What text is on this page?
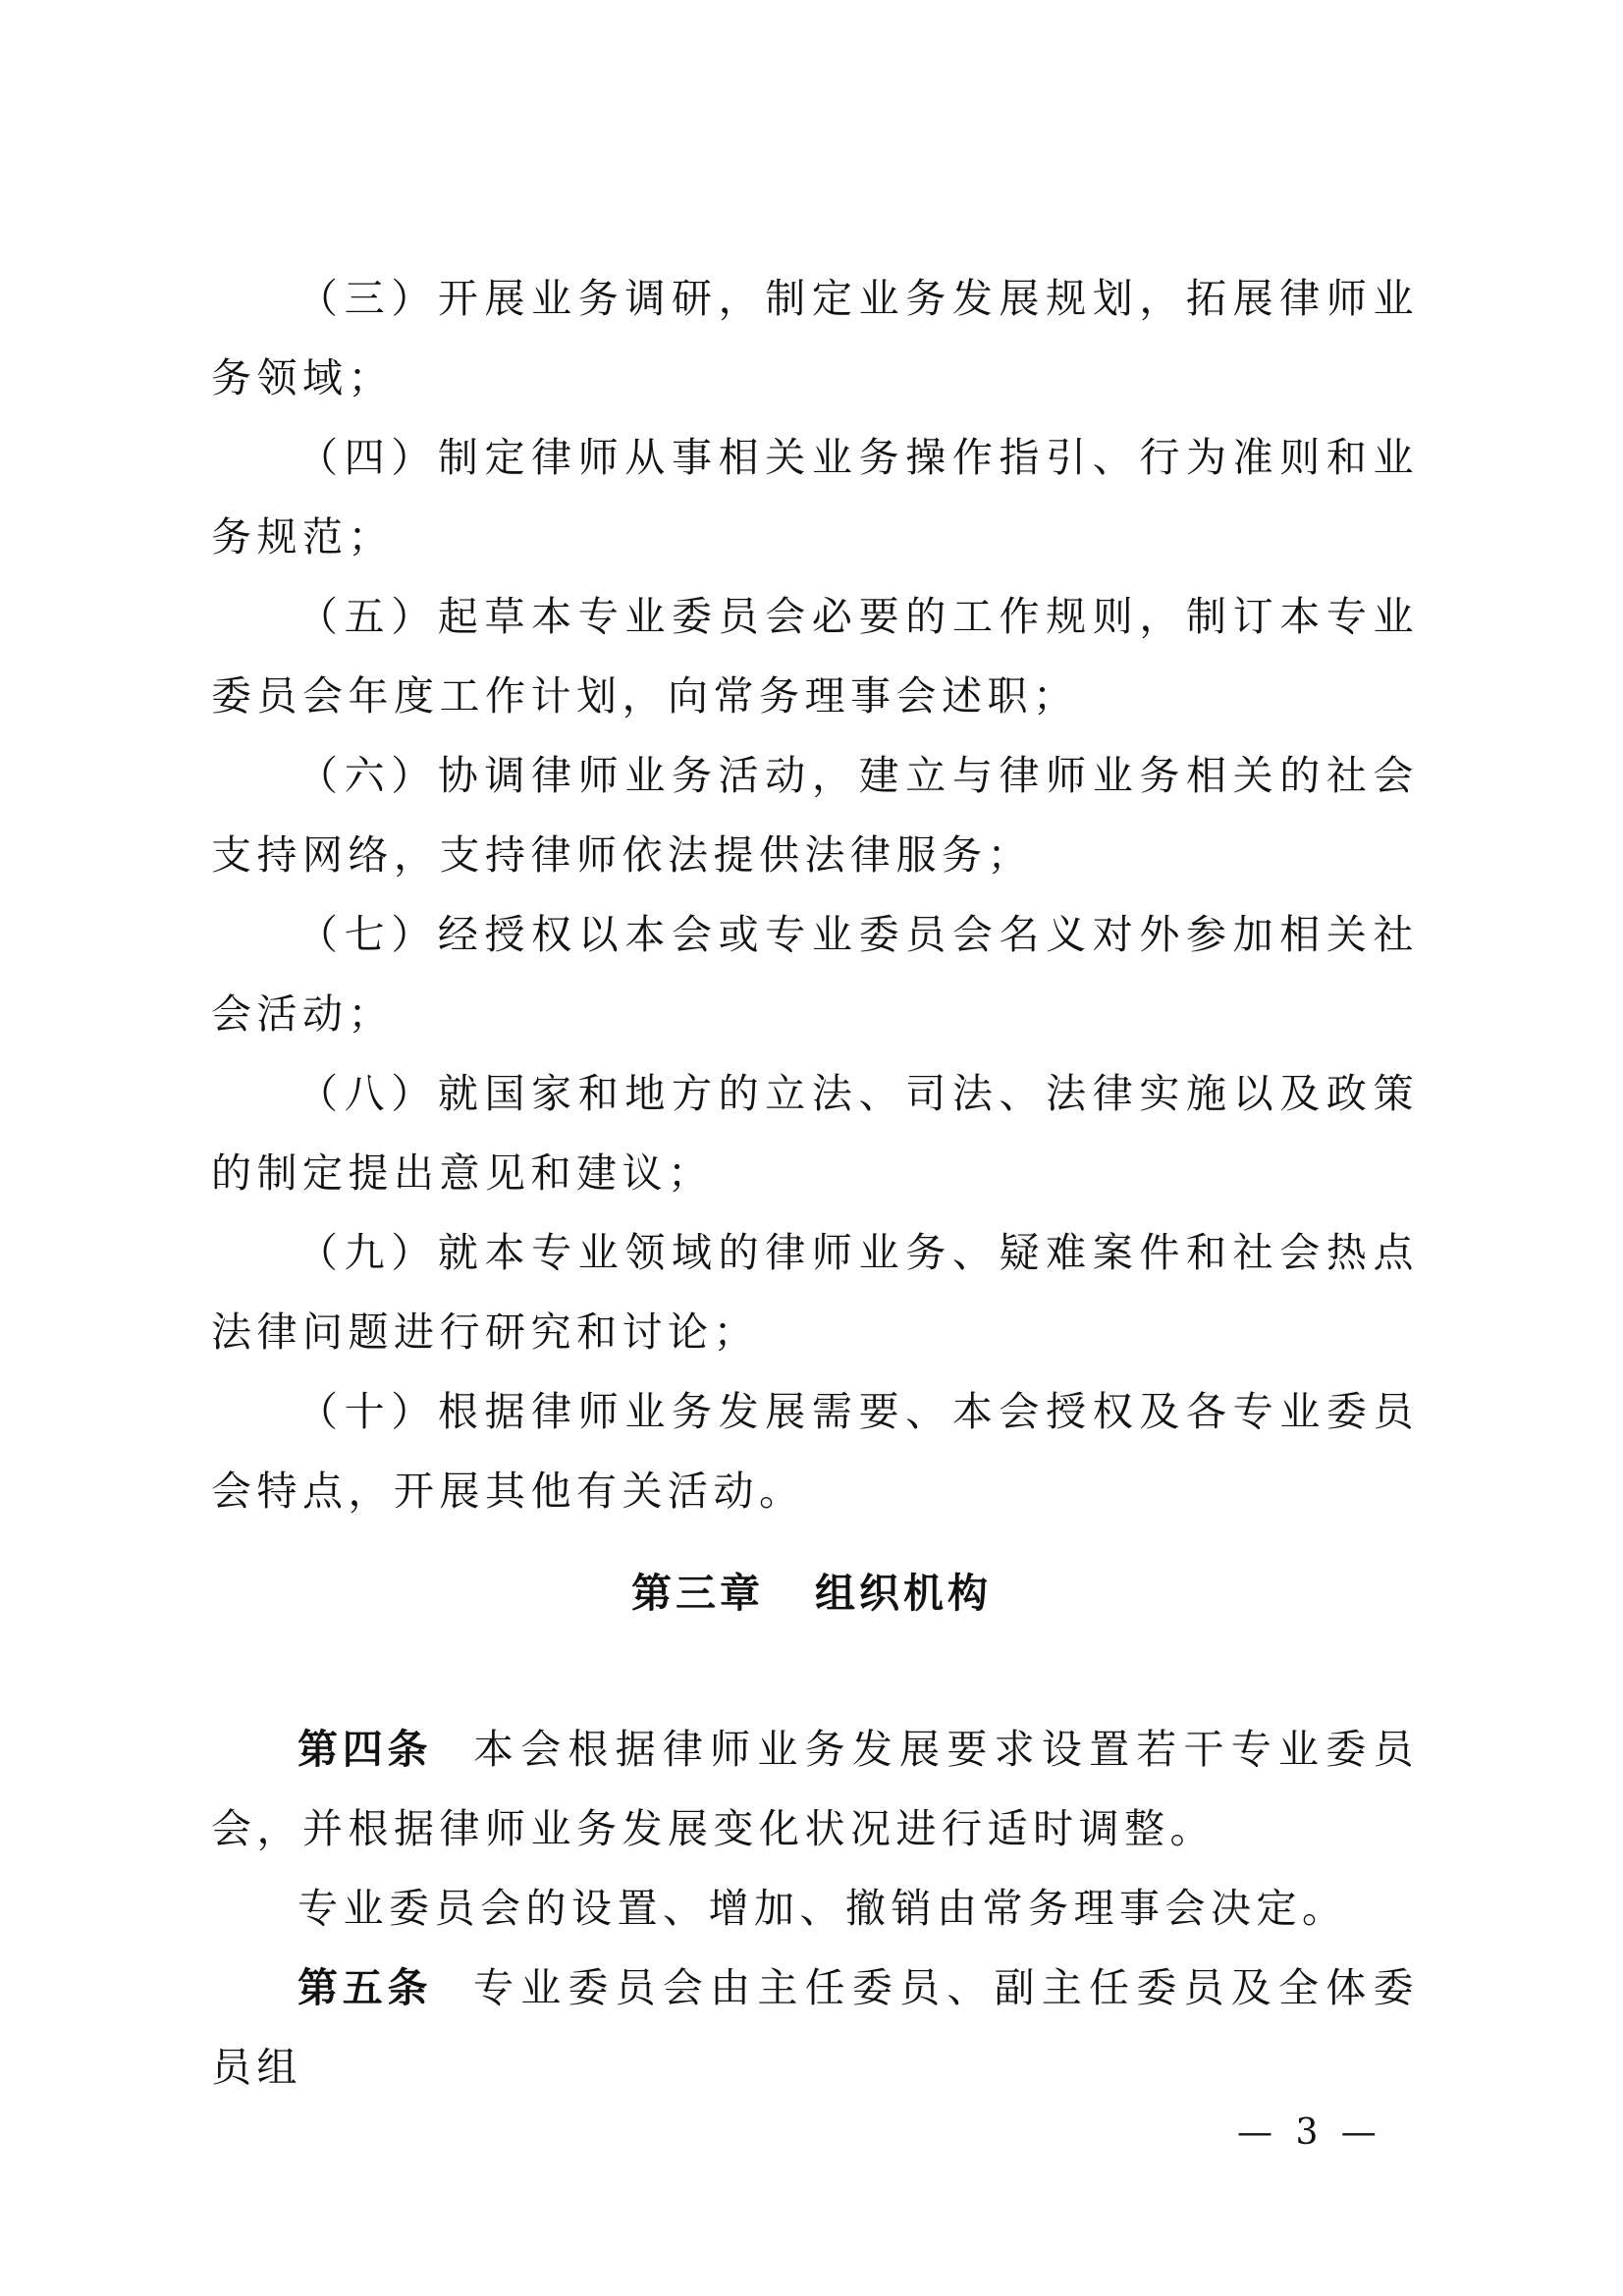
（三）开展业务调研，制定业务发展规划，拓展律师业务领域；

（四）制定律师从事相关业务操作指引、行为准则和业务规范；

（五）起草本专业委员会必要的工作规则，制订本专业委员会年度工作计划，向常务理事会述职；

（六）协调律师业务活动，建立与律师业务相关的社会支持网络，支持律师依法提供法律服务；

（七）经授权以本会或专业委员会名义对外参加相关社会活动；

（八）就国家和地方的立法、司法、法律实施以及政策的制定提出意见和建议；

（九）就本专业领域的律师业务、疑难案件和社会热点法律问题进行研究和讨论；

（十）根据律师业务发展需要、本会授权及各专业委员会特点，开展其他有关活动。

第三章 组织机构

第四条 本会根据律师业务发展要求设置若干专业委员会，并根据律师业务发展变化状况进行适时调整。

专业委员会的设置、增加、撤销由常务理事会决定。

第五条 专业委员会由主任委员、副主任委员及全体委员组

— 3 —
